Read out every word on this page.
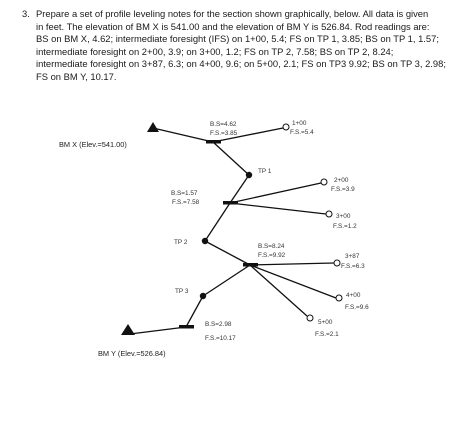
3. Prepare a set of profile leveling notes for the section shown graphically, below. All data is given
in feet. The elevation of BM X is 541.00 and the elevation of BM Y is 526.84. Rod readings are:
BS on BM X, 4.62; intermediate foresight (IFS) on 1+00, 5.4; FS on TP 1, 3.85; BS on TP 1, 1.57;
intermediate foresight on 2+00, 3.9; on 3+00, 1.2; FS on TP 2, 7.58; BS on TP 2, 8.24;
intermediate foresight on 3+87, 6.3; on 4+00, 9.6; on 5+00, 2.1; FS on TP3 9.92; BS on TP 3, 2.98;
FS on BM Y, 10.17.
BM X (Elev.=541.00)
BM Y (Elev.=526.84)
B.S=4.62
F.S.=3.85
1+00
F.S.=5.4
TP 1
B.S=1.57
F.S.=7.58
2+00
F.S.=3.9
3+00
F.S.=1.2
TP 2
B.S=8.24
F.S.=9.92	3+87
F.S.=6.3
TP 3
4+00
F.S.=9.6
5+00
F.S.=2.1
B.S=2.98
F.S.=10.17
